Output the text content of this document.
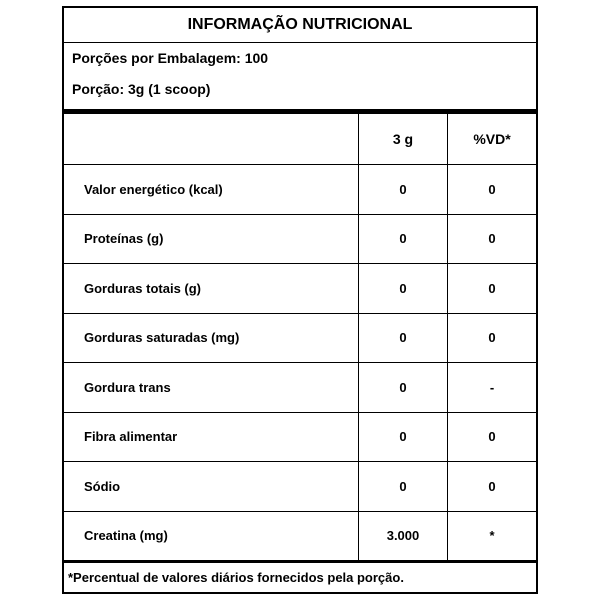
INFORMAÇÃO NUTRICIONAL
Porções por Embalagem: 100
Porção: 3g (1 scoop)
	3 g	%VD*
Valor energético (kcal)	0	0
Proteínas (g)	0	0
Gorduras totais (g)	0	0
Gorduras saturadas (mg)	0	0
Gordura trans	0	-
Fibra alimentar	0	0
Sódio	0	0
Creatina (mg)	3.000	*
*Percentual de valores diários fornecidos pela porção.
